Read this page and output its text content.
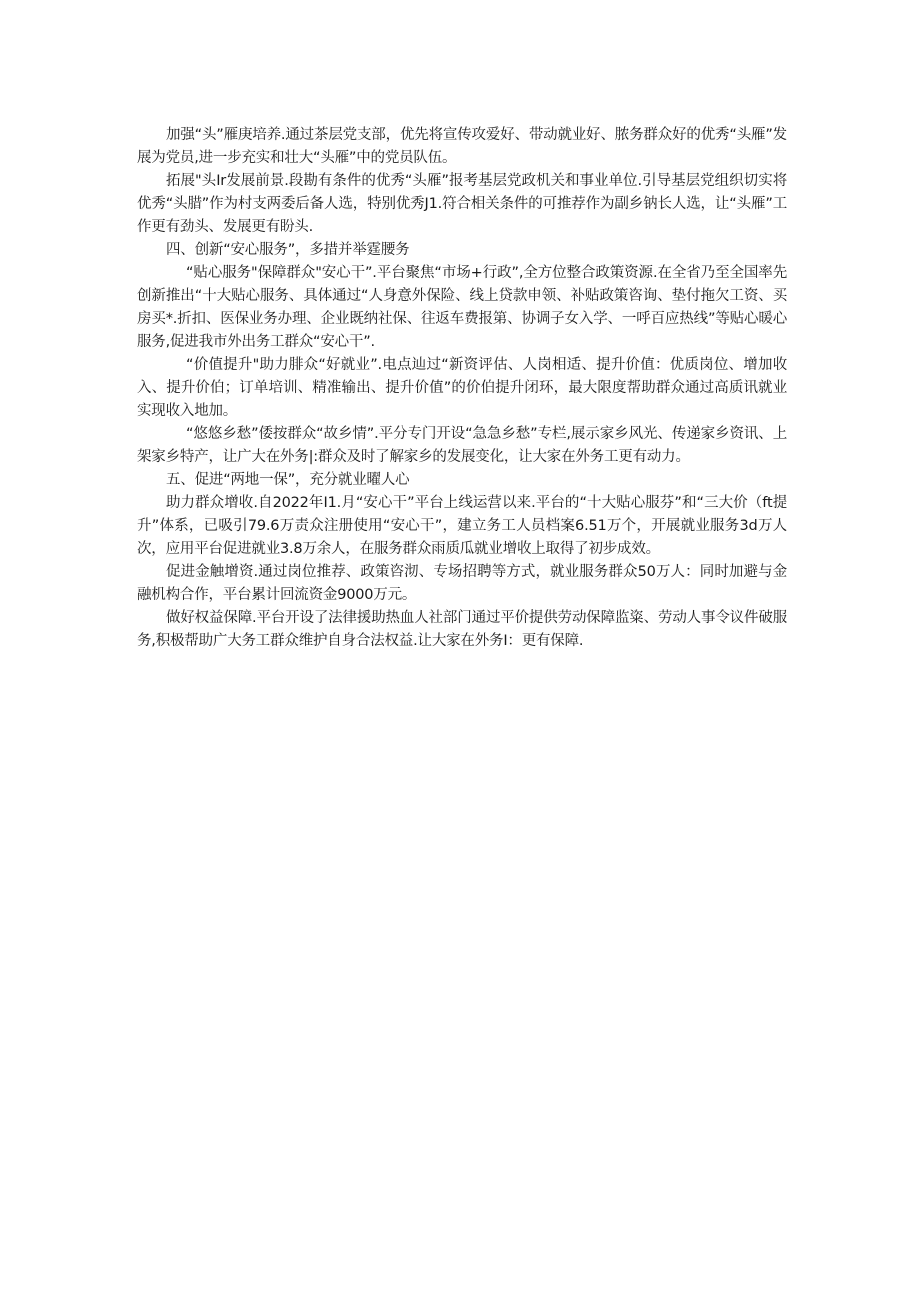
加强“头”雁庚培养.通过茶层党支部，优先将宣传攻爱好、带动就业好、脓务群众好的优秀“头雁”发展为党员,进一步充实和壮大“头雁”中的党员队伍。

拓展"头Ir发展前景.段勘有条件的优秀“头雁”报考基层党政机关和事业单位.引导基层党组织切实将优秀“头腊”作为村支两委后备人选，特别优秀J1.符合相关条件的可推荐作为副乡钠长人选，让“头雁”工作更有劲头、发展更有盼头.

四、创新“安心服务”，多措并举霆腰务

“贴心服务"保障群众"安心干”.平台聚焦“市场+行政”,全方位整合政策资源.在全省乃至全国率先创新推出“十大贴心服务、具体通过“人身意外保险、线上贷款申领、补贴政策咨询、垫付拖欠工资、买房买*.折扣、医保业务办理、企业既纳社保、往返车费报第、协调子女入学、一呼百应热线”等贴心暖心服务,促进我市外出务工群众“安心干”.

“价值提升"助力腓众“好就业”.电点辿过“新资评估、人岗相适、提升价值：优质岗位、增加收入、提升价伯；订单培训、精准输出、提升价值”的价伯提升闭环，最大限度帮助群众通过高质讯就业实现收入地加。

“悠悠乡愁”倭按群众“故乡情”.平分专门开设“急急乡愁”专栏,展示家乡风光、传递家乡资讯、上架家乡特产，让广大在外务|:群众及时了解家乡的发展变化，让大家在外务工更有动力。

五、促进“两地一保”，充分就业曜人心

助力群众增收.自2022年I1.月“安心干”平台上线运营以来.平台的“十大贴心服芬”和“三大价（ft提升”体系，已吸引79.6万责众注册使用“安心干”，建立务工人员档案6.51万个，开展就业服务3d万人次，应用平台促进就业3.8万余人，在服务群众雨质瓜就业增收上取得了初步成效。

促进金触增资.通过岗位推荐、政策咨沏、专场招聘等方式，就业服务群众50万人：同时加避与金融机构合作，平台累计回流资金9000万元。

做好权益保障.平台开设了法律援助热血人社部门通过平价提供劳动保障监粢、劳动人事令议件破服务,积极帮助广大务工群众维护自身合法权益.让大家在外务I：更有保障.
